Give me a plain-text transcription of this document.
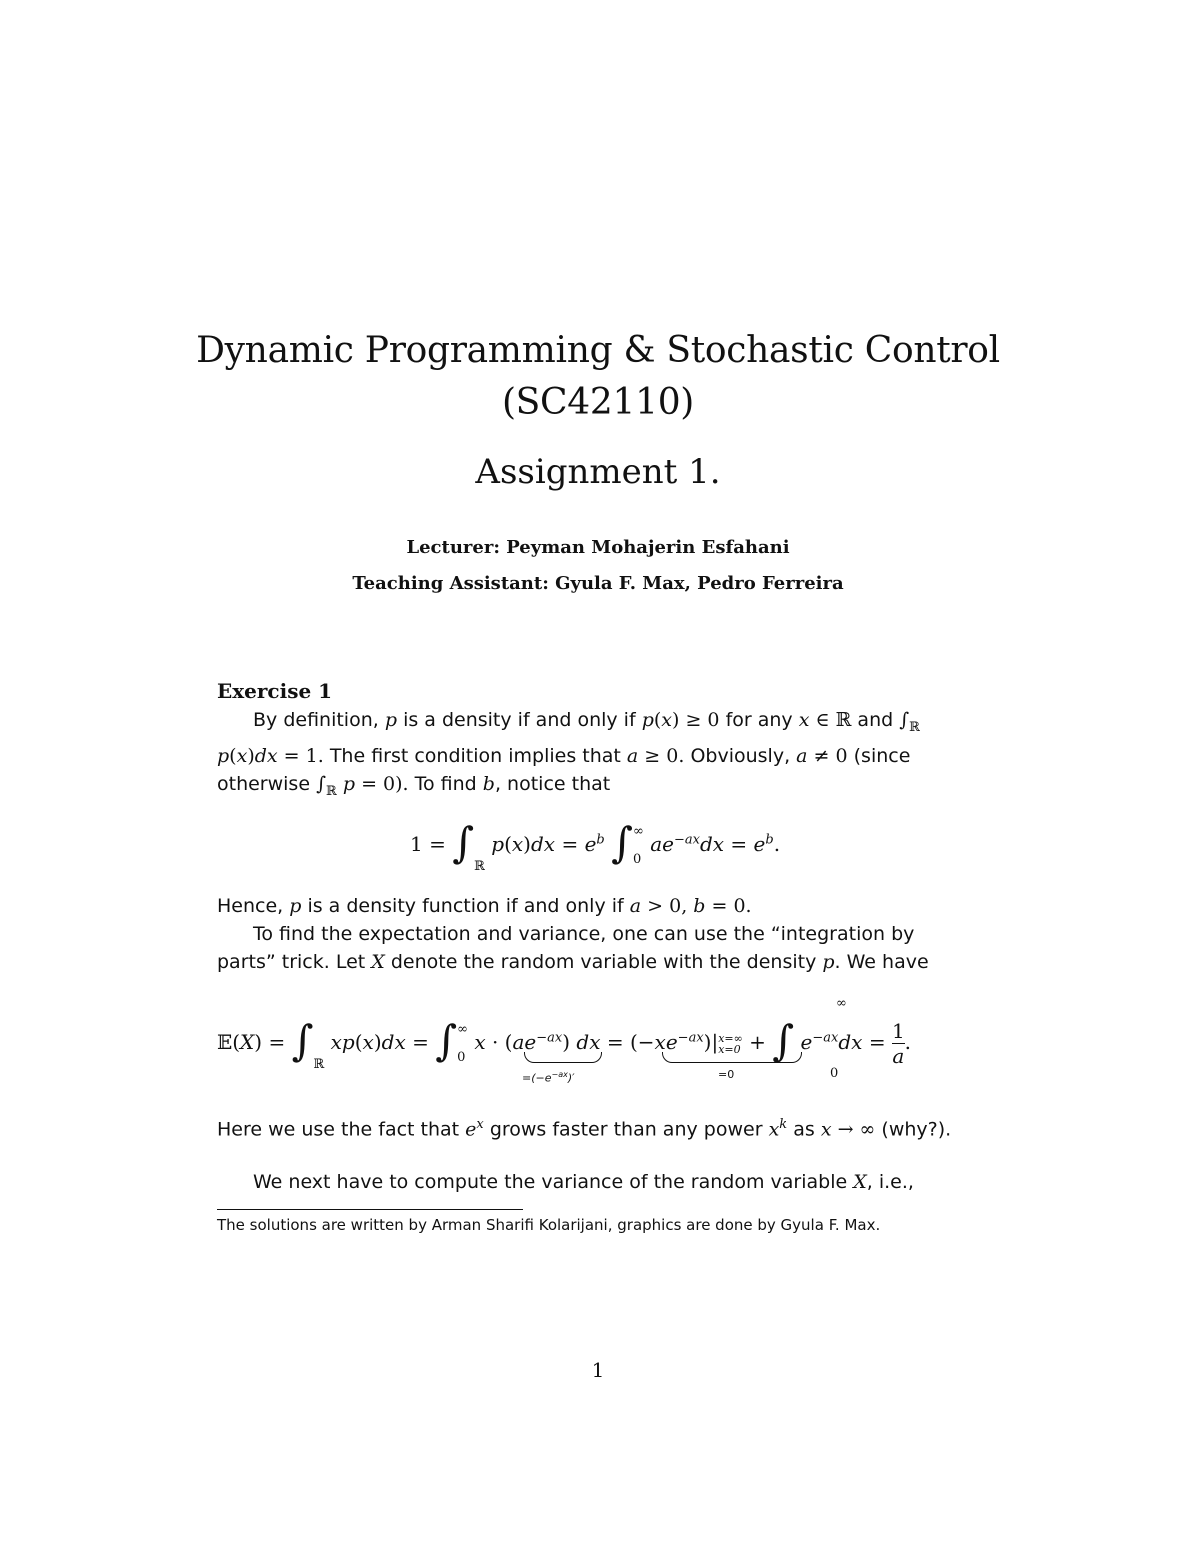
Dynamic Programming & Stochastic Control
(SC42110)
Assignment 1.
Lecturer: Peyman Mohajerin Esfahani
Teaching Assistant: Gyula F. Max, Pedro Ferreira
Exercise 1
By definition, p is a density if and only if p(x) ≥ 0 for any x ∈ ℝ and $\int_ℝ$ p(x)dx = 1. The first condition implies that a ≥ 0. Obviously, a ≠ 0 (since otherwise $\int_ℝ$ p = 0). To find b, notice that
$1 = \int_ℝ$ $p(x)dx = e^b$ ∫∞

0 $ae^{-ax}dx = e^b$.
Hence, p is a density function if and only if a > 0, b = 0.
To find the expectation and variance, one can use the “integration by parts” trick. Let X denote the random variable with the density p. We have
𝔼(X) = $\int_ℝ$ xp(x)dx = ∫∞

0 $x \cdot (ae^{-ax})$ dx = $(-xe^{-ax})|x=\infty$
x=0 + ∫ $e^{-ax}dx = \frac{1}{a}$ .
$=(-e^{-ax})'$	=0
∞
0
Here we use the fact that $e^x$ grows faster than any power $x^k$ as x → ∞ (why?).
We next have to compute the variance of the random variable X, i.e.,
The solutions are written by Arman Sharifi Kolarijani, graphics are done by Gyula F. Max.
1
